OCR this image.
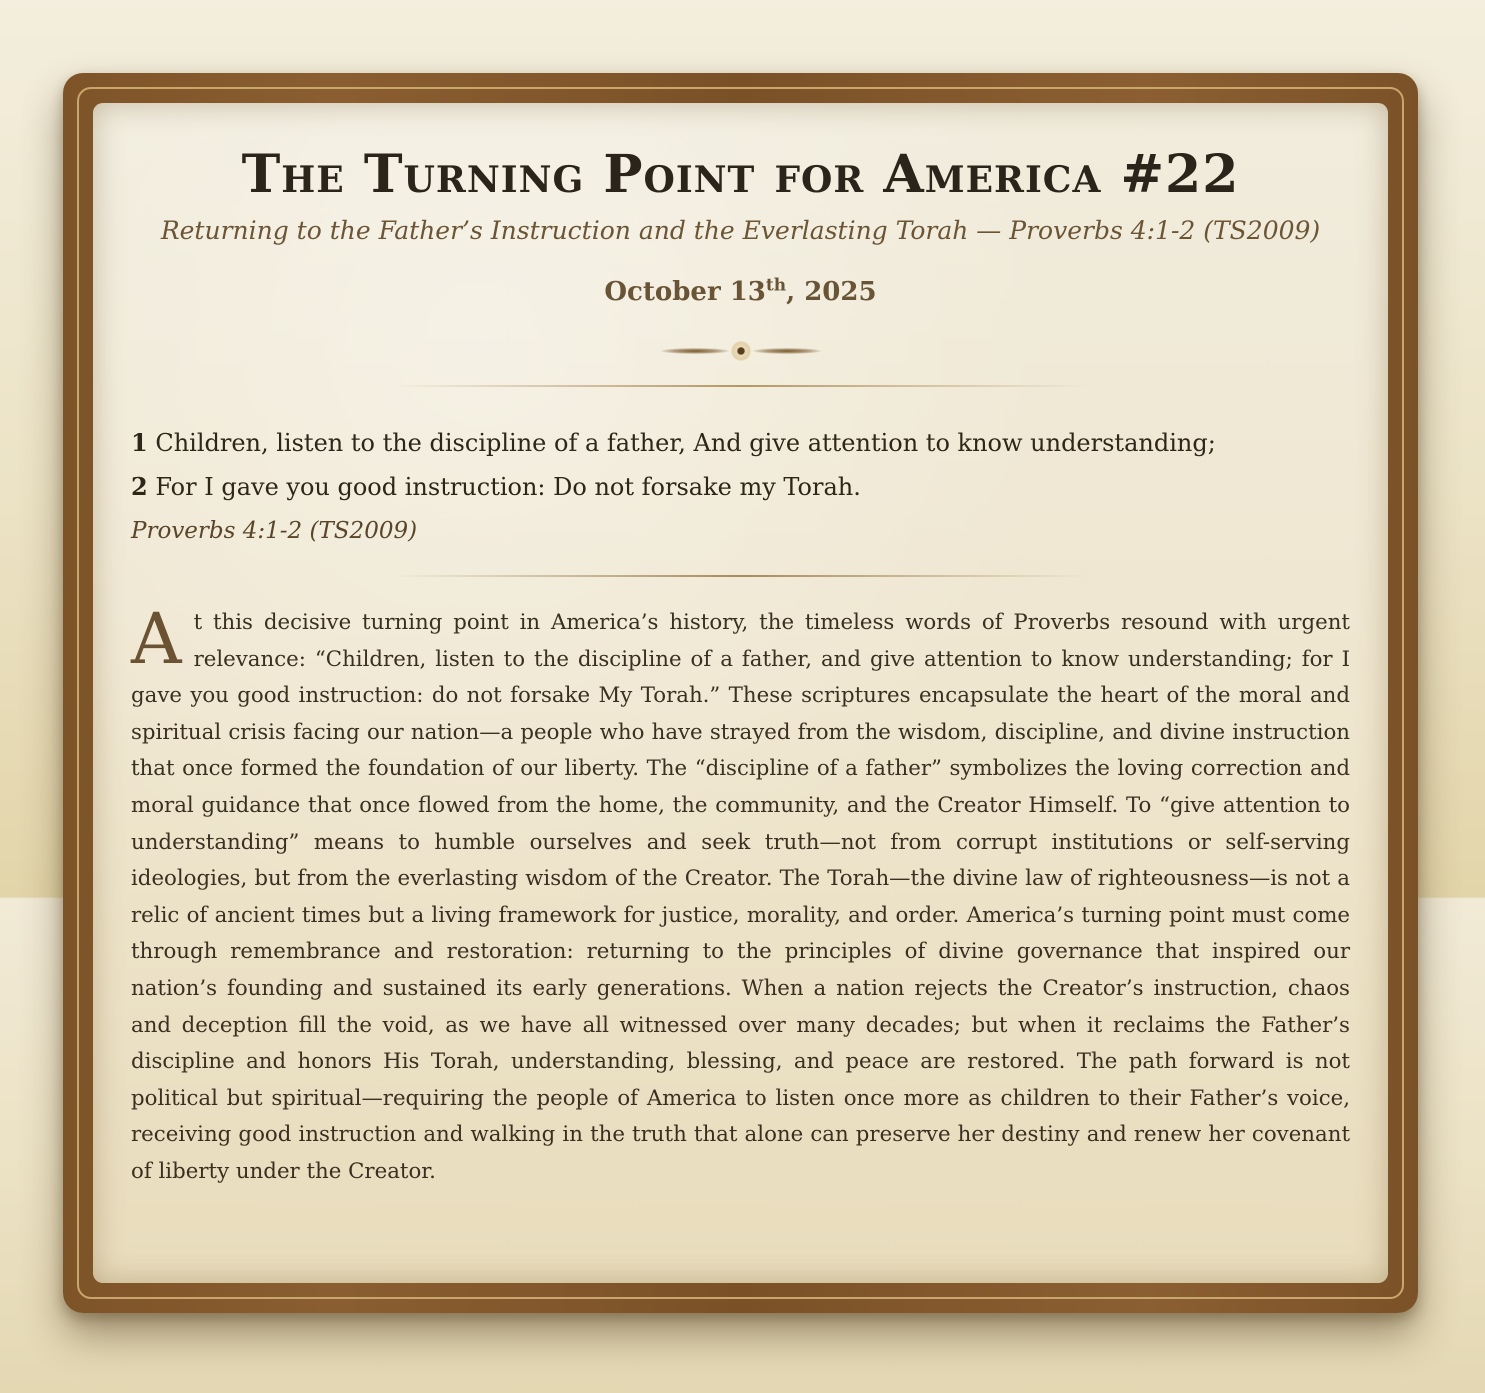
The Turning Point for America #22
Returning to the Father’s Instruction and the Everlasting Torah — Proverbs 4:1-2 (TS2009)
October 13th, 2025
1 Children, listen to the discipline of a father, And give attention to know understanding;
2 For I gave you good instruction: Do not forsake my Torah.
Proverbs 4:1-2 (TS2009)
At this decisive turning point in America’s history, the timeless words of Proverbs resound with urgent relevance: “Children, listen to the discipline of a father, and give attention to know understanding; for I gave you good instruction: do not forsake My Torah.” These scriptures encapsulate the heart of the moral and spiritual crisis facing our nation—a people who have strayed from the wisdom, discipline, and divine instruction that once formed the foundation of our liberty. The “discipline of a father” symbolizes the loving correction and moral guidance that once flowed from the home, the community, and the Creator Himself. To “give attention to understanding” means to humble ourselves and seek truth—not from corrupt institutions or self-serving ideologies, but from the everlasting wisdom of the Creator. The Torah—the divine law of righteousness—is not a relic of ancient times but a living framework for justice, morality, and order. America’s turning point must come through remembrance and restoration: returning to the principles of divine governance that inspired our nation’s founding and sustained its early generations. When a nation rejects the Creator’s instruction, chaos and deception fill the void, as we have all witnessed over many decades; but when it reclaims the Father’s discipline and honors His Torah, understanding, blessing, and peace are restored. The path forward is not political but spiritual—requiring the people of America to listen once more as children to their Father’s voice, receiving good instruction and walking in the truth that alone can preserve her destiny and renew her covenant of liberty under the Creator.
